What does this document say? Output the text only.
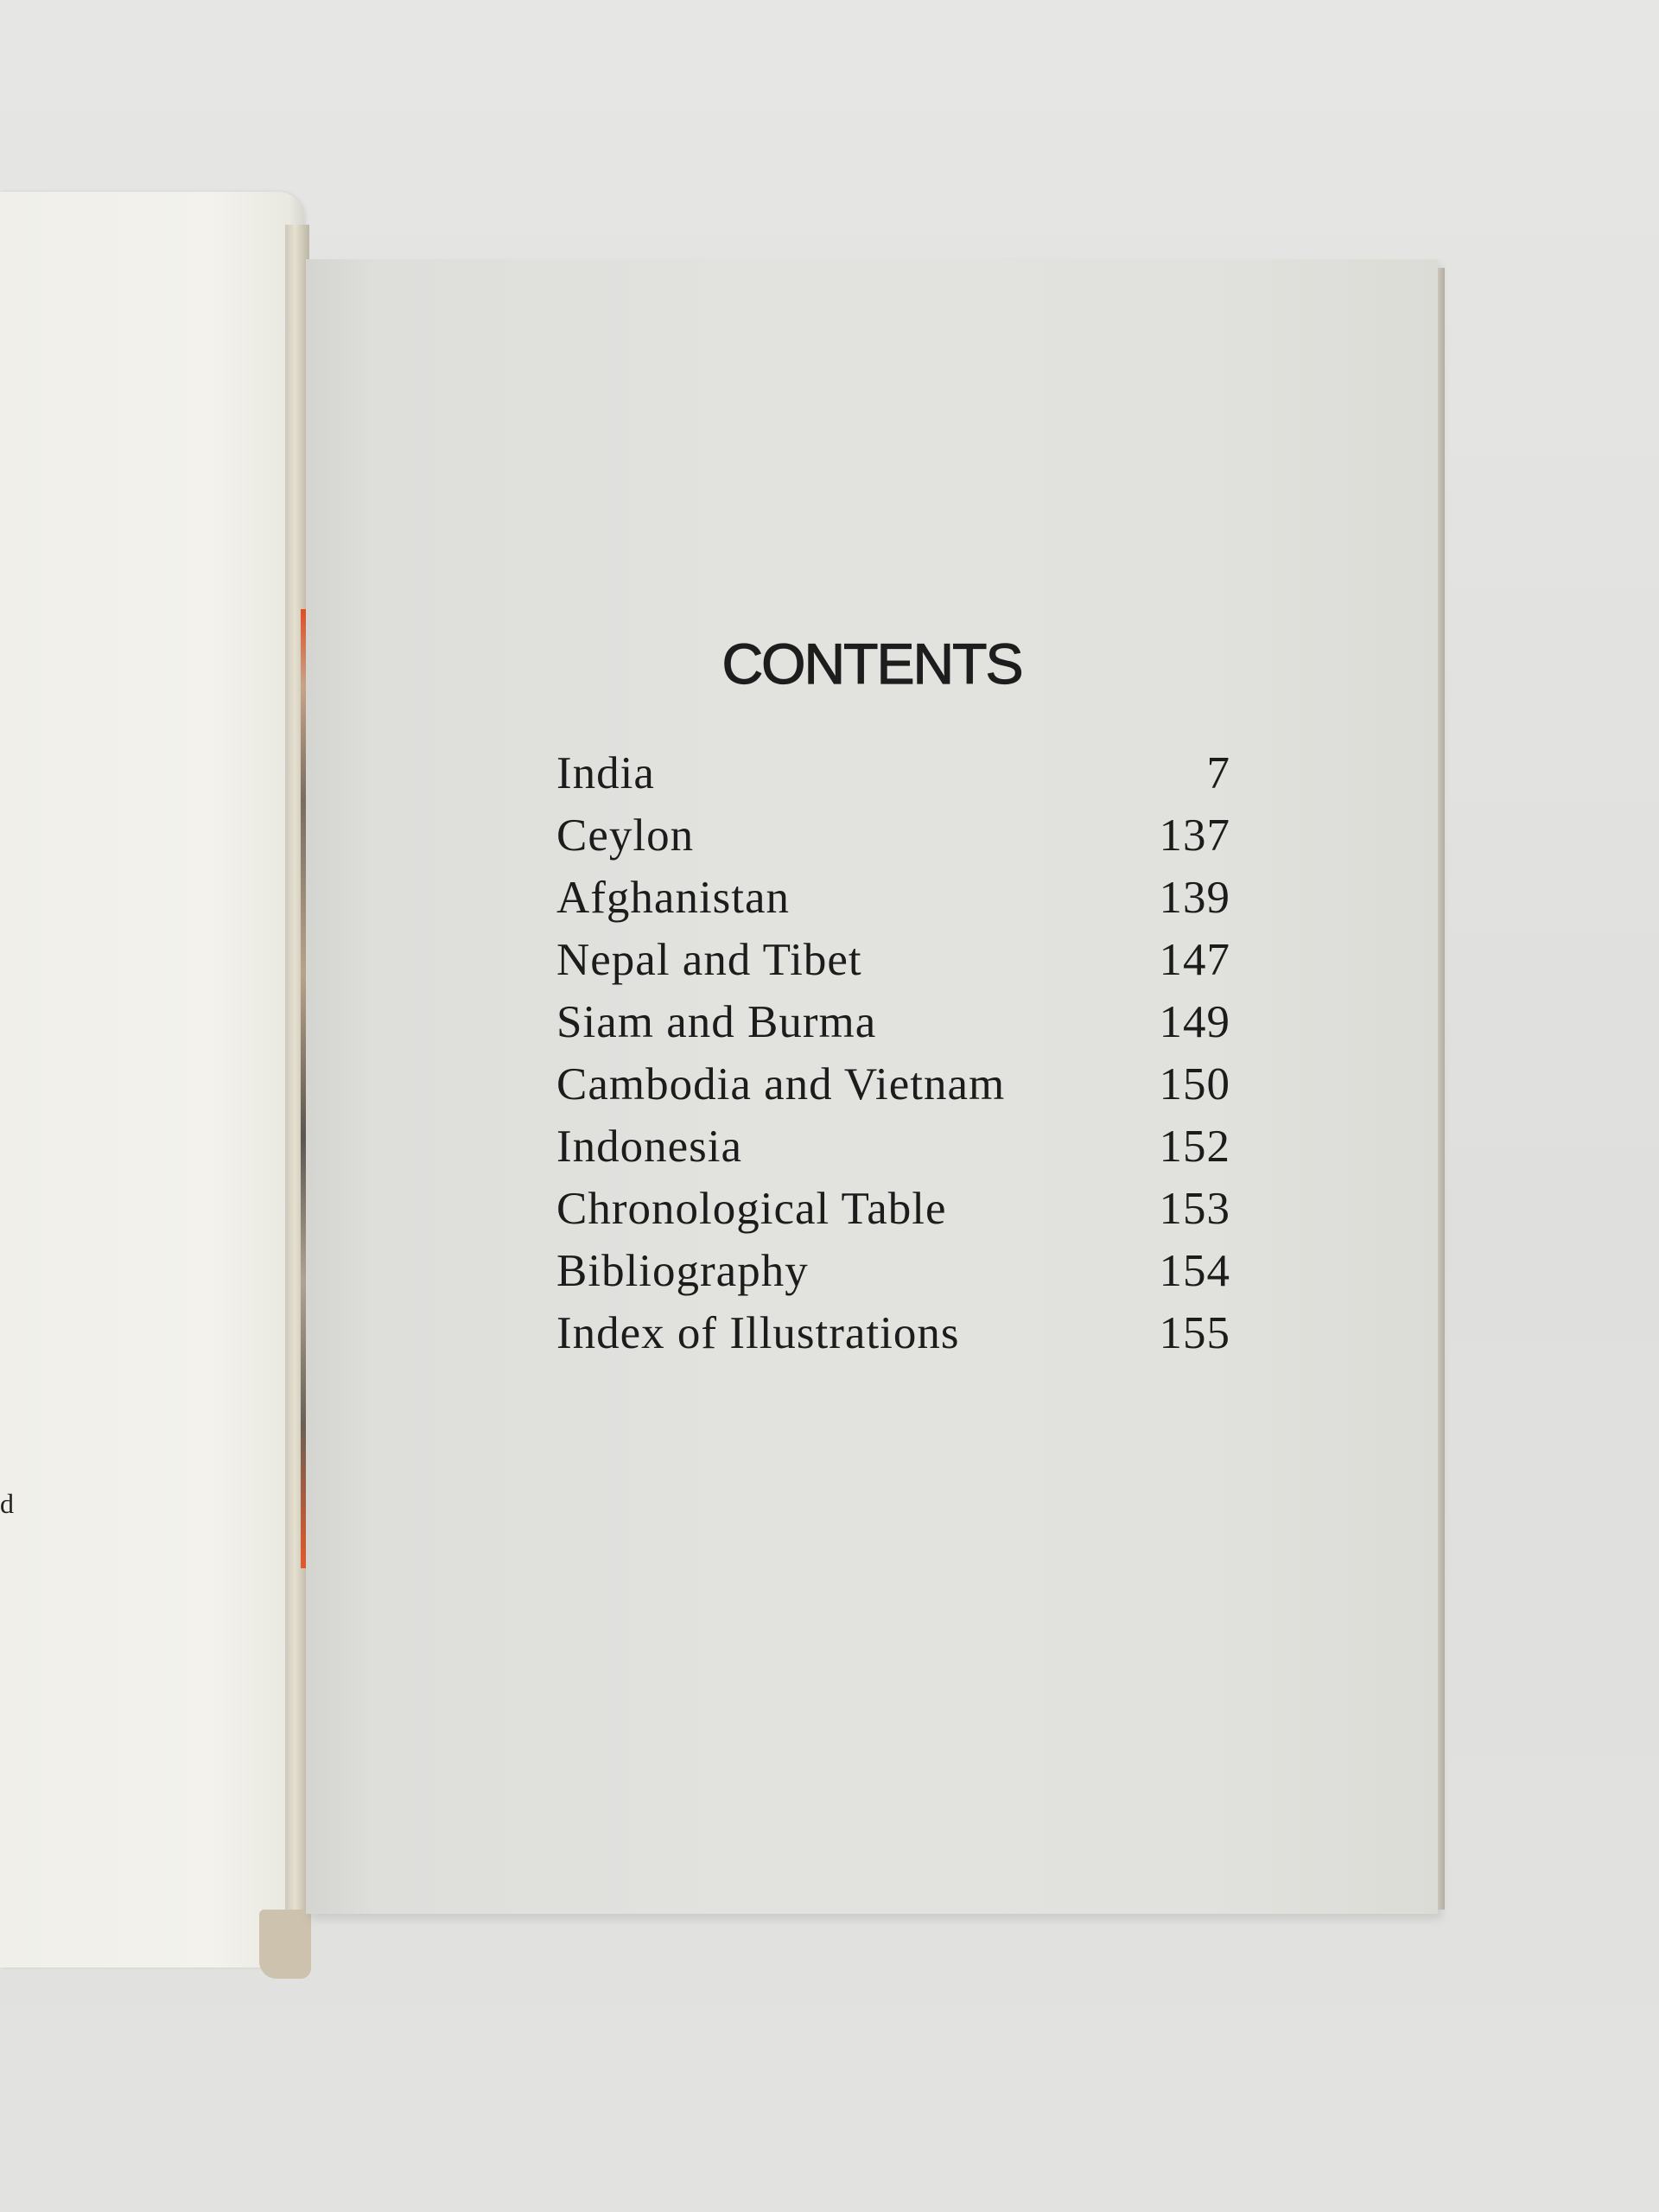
d
CONTENTS
India	7
Ceylon	137
Afghanistan	139
Nepal and Tibet	147
Siam and Burma	149
Cambodia and Vietnam	150
Indonesia	152
Chronological Table	153
Bibliography	154
Index of Illustrations	155
